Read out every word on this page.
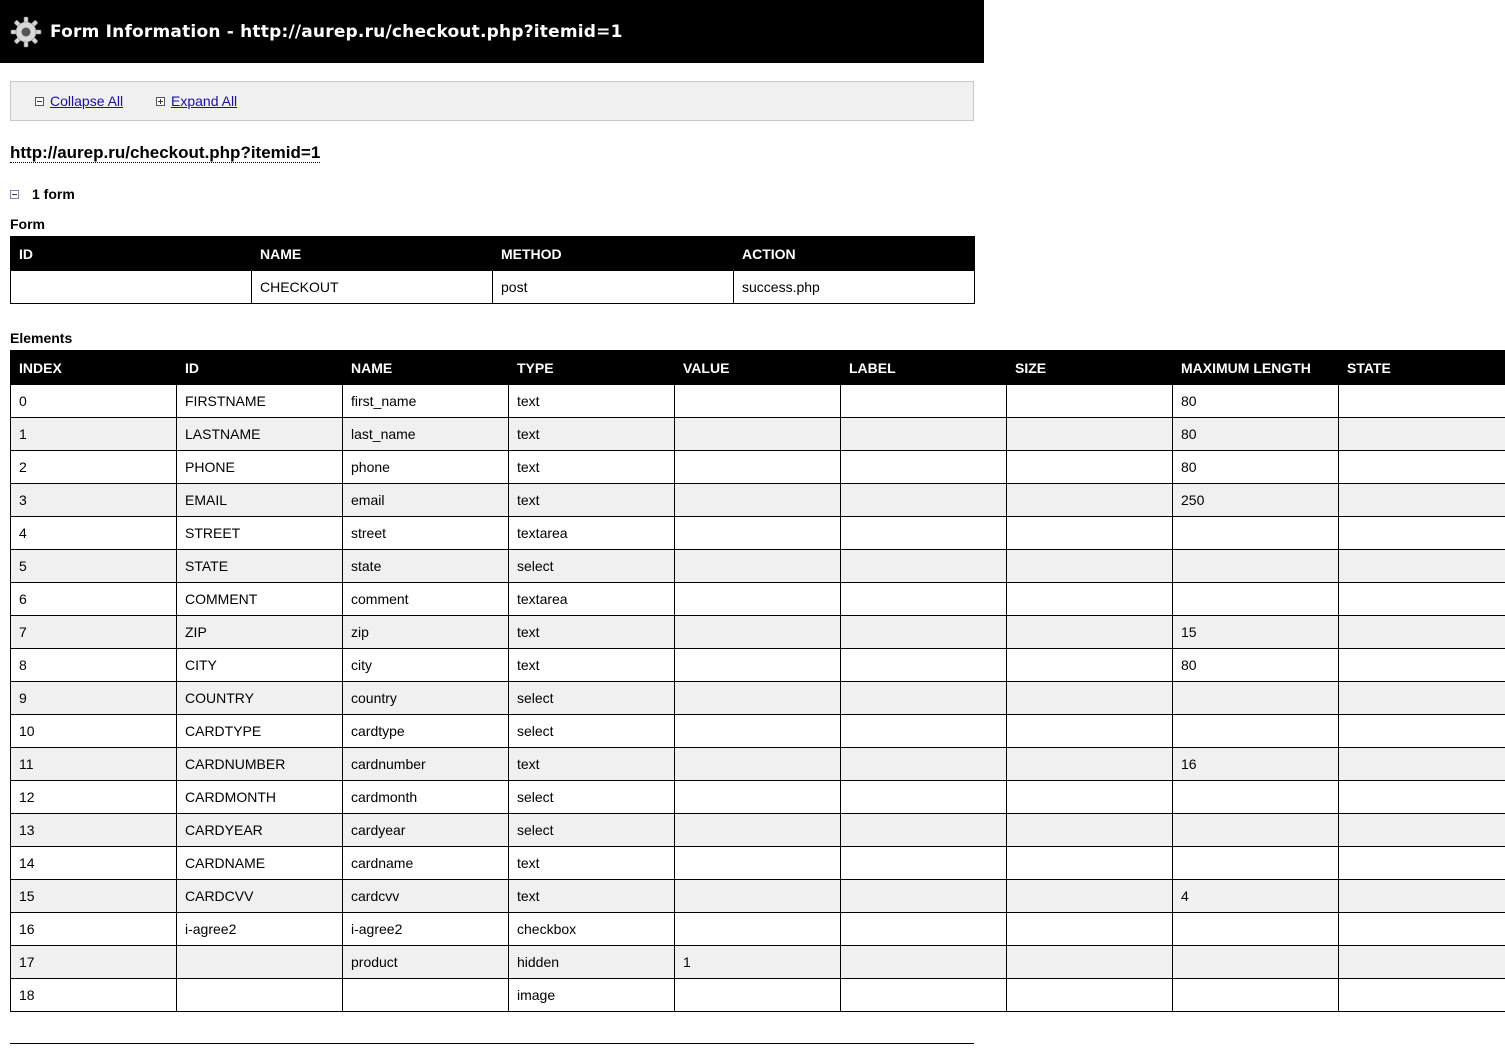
Form Information - http://aurep.ru/checkout.php?itemid=1
Collapse All	Expand All
http://aurep.ru/checkout.php?itemid=1
1 form
Form
ID	NAME	METHOD	ACTION
	CHECKOUT	post	success.php
Elements
INDEX	ID	NAME	TYPE	VALUE	LABEL	SIZE	MAXIMUM LENGTH	STATE
0	FIRSTNAME	first_name	text				80	
1	LASTNAME	last_name	text				80	
2	PHONE	phone	text				80	
3	EMAIL	email	text				250	
4	STREET	street	textarea					
5	STATE	state	select					
6	COMMENT	comment	textarea					
7	ZIP	zip	text				15	
8	CITY	city	text				80	
9	COUNTRY	country	select					
10	CARDTYPE	cardtype	select					
11	CARDNUMBER	cardnumber	text				16	
12	CARDMONTH	cardmonth	select					
13	CARDYEAR	cardyear	select					
14	CARDNAME	cardname	text					
15	CARDCVV	cardcvv	text				4	
16	i-agree2	i-agree2	checkbox					
17		product	hidden	1				
18			image					
